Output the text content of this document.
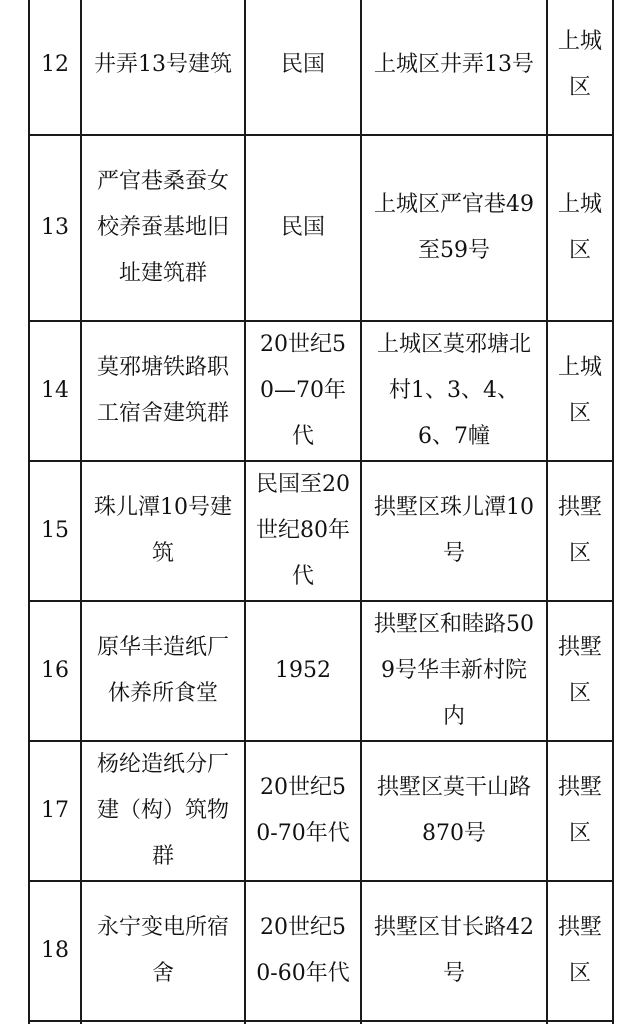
12	井弄13号建筑	民国	上城区井弄13号	上城区
13	严官巷桑蚕女校养蚕基地旧址建筑群	民国	上城区严官巷49至59号	上城区
14	莫邪塘铁路职工宿舍建筑群	20世纪50—70年代	上城区莫邪塘北村1、3、4、6、7幢	上城区
15	珠儿潭10号建筑	民国至20世纪80年代	拱墅区珠儿潭10号	拱墅区
16	原华丰造纸厂休养所食堂	1952	拱墅区和睦路509号华丰新村院内	拱墅区
17	杨纶造纸分厂建（构）筑物群	20世纪50-70年代	拱墅区莫干山路870号	拱墅区
18	永宁变电所宿舍	20世纪50-60年代	拱墅区甘长路42号	拱墅区
